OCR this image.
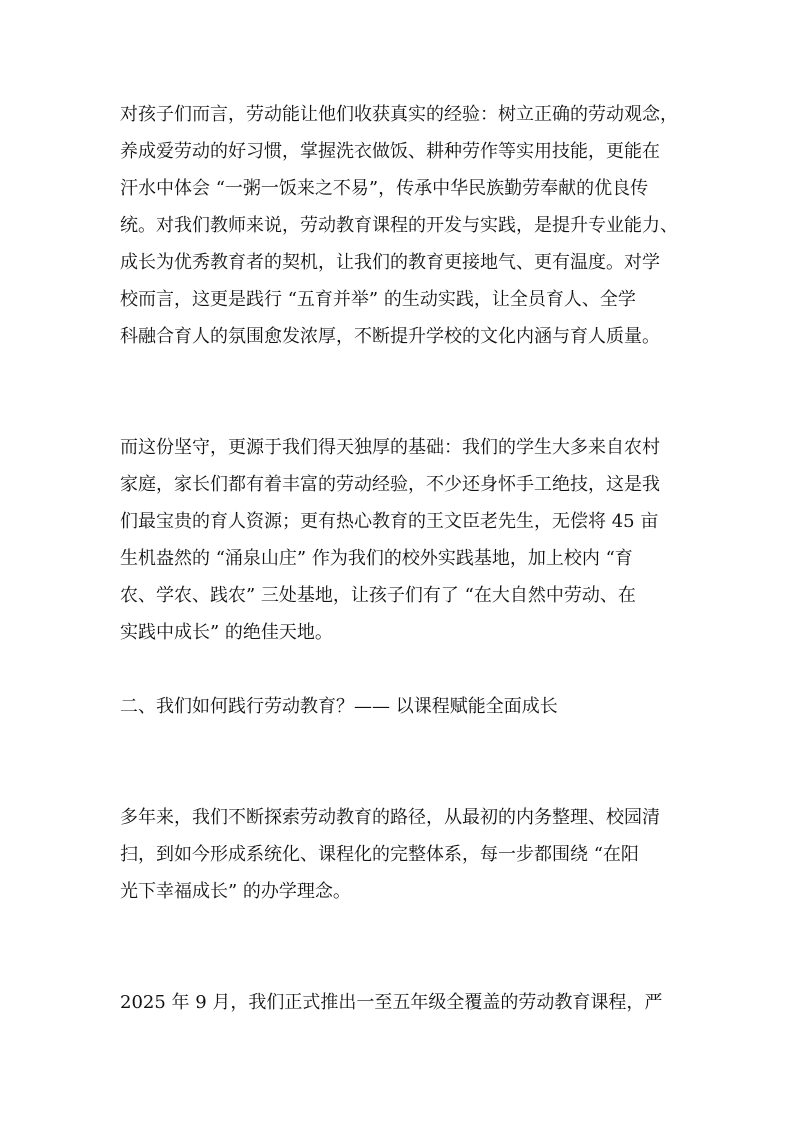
对孩子们而言，劳动能让他们收获真实的经验：树立正确的劳动观念，
养成爱劳动的好习惯，掌握洗衣做饭、耕种劳作等实用技能，更能在
汗水中体会 “一粥一饭来之不易”，传承中华民族勤劳奉献的优良传
统。对我们教师来说，劳动教育课程的开发与实践，是提升专业能力、
成长为优秀教育者的契机，让我们的教育更接地气、更有温度。对学
校而言，这更是践行 “五育并举” 的生动实践，让全员育人、全学
科融合育人的氛围愈发浓厚，不断提升学校的文化内涵与育人质量。
而这份坚守，更源于我们得天独厚的基础：我们的学生大多来自农村
家庭，家长们都有着丰富的劳动经验，不少还身怀手工绝技，这是我
们最宝贵的育人资源；更有热心教育的王文臣老先生，无偿将 45 亩
生机盎然的 “涌泉山庄” 作为我们的校外实践基地，加上校内 “育
农、学农、践农” 三处基地，让孩子们有了 “在大自然中劳动、在
实践中成长” 的绝佳天地。
二、我们如何践行劳动教育？—— 以课程赋能全面成长
多年来，我们不断探索劳动教育的路径，从最初的内务整理、校园清
扫，到如今形成系统化、课程化的完整体系，每一步都围绕 “在阳
光下幸福成长” 的办学理念。
2025 年 9 月，我们正式推出一至五年级全覆盖的劳动教育课程，严
